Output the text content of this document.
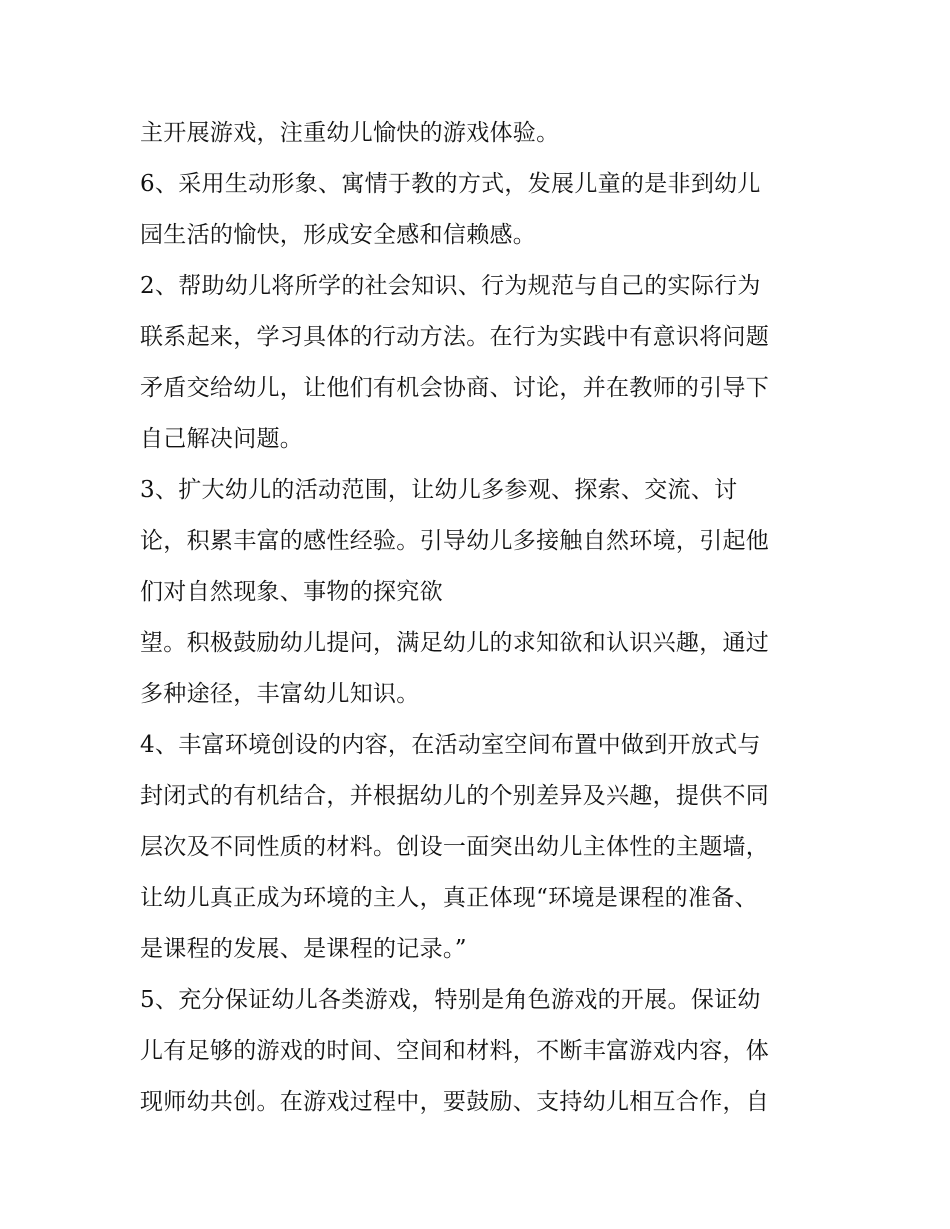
主开展游戏，注重幼儿愉快的游戏体验。
6、采用生动形象、寓情于教的方式，发展儿童的是非到幼儿
园生活的愉快，形成安全感和信赖感。
2、帮助幼儿将所学的社会知识、行为规范与自己的实际行为
联系起来，学习具体的行动方法。在行为实践中有意识将问题
矛盾交给幼儿，让他们有机会协商、讨论，并在教师的引导下
自己解决问题。
3、扩大幼儿的活动范围，让幼儿多参观、探索、交流、讨
论，积累丰富的感性经验。引导幼儿多接触自然环境，引起他
们对自然现象、事物的探究欲
望。积极鼓励幼儿提问，满足幼儿的求知欲和认识兴趣，通过
多种途径，丰富幼儿知识。
4、丰富环境创设的内容，在活动室空间布置中做到开放式与
封闭式的有机结合，并根据幼儿的个别差异及兴趣，提供不同
层次及不同性质的材料。创设一面突出幼儿主体性的主题墙，
让幼儿真正成为环境的主人，真正体现“环境是课程的准备、
是课程的发展、是课程的记录。”
5、充分保证幼儿各类游戏，特别是角色游戏的开展。保证幼
儿有足够的游戏的时间、空间和材料，不断丰富游戏内容，体
现师幼共创。在游戏过程中，要鼓励、支持幼儿相互合作，自
